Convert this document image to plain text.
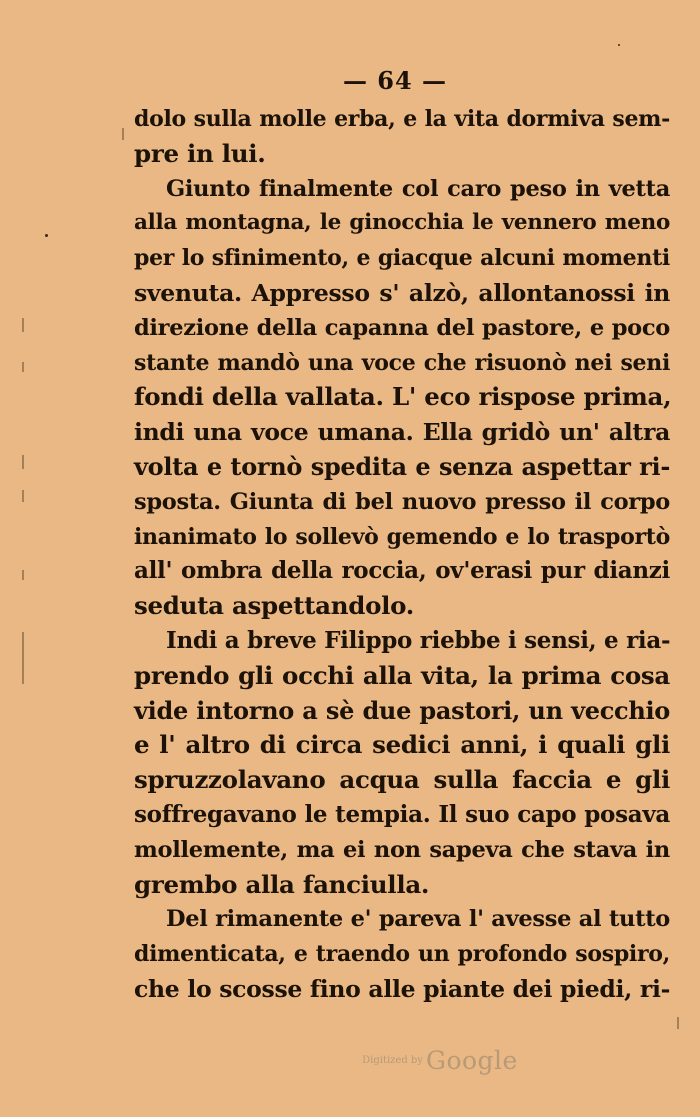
— 64 —
dolo sulla molle erba, e la vita dormiva sem-
pre in lui.
Giunto finalmente col caro peso in vetta
alla montagna, le ginocchia le vennero meno
per lo sfinimento, e giacque alcuni momenti
svenuta. Appresso s' alzò, allontanossi in
direzione della capanna del pastore, e poco
stante mandò una voce che risuonò nei seni
fondi della vallata. L' eco rispose prima,
indi una voce umana. Ella gridò un' altra
volta e tornò spedita e senza aspettar ri-
sposta. Giunta di bel nuovo presso il corpo
inanimato lo sollevò gemendo e lo trasportò
all' ombra della roccia, ov'erasi pur dianzi
seduta aspettandolo.
Indi a breve Filippo riebbe i sensi, e ria-
prendo gli occhi alla vita, la prima cosa
vide intorno a sè due pastori, un vecchio
e l' altro di circa sedici anni, i quali gli
spruzzolavano acqua sulla faccia e gli
soffregavano le tempia. Il suo capo posava
mollemente, ma ei non sapeva che stava in
grembo alla fanciulla.
Del rimanente e' pareva l' avesse al tutto
dimenticata, e traendo un profondo sospiro,
che lo scosse fino alle piante dei piedi, ri-
Digitized by Google
